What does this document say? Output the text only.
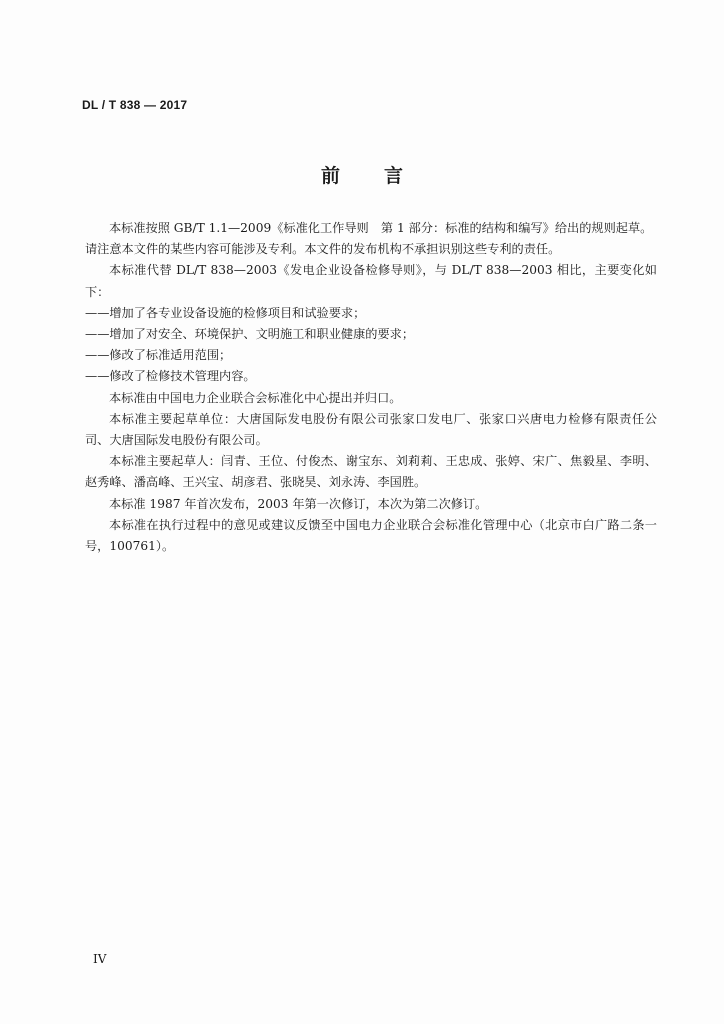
DL / T 838 — 2017
前言

本标准按照 GB/T 1.1—2009《标准化工作导则　第 1 部分：标准的结构和编写》给出的规则起草。

请注意本文件的某些内容可能涉及专利。本文件的发布机构不承担识别这些专利的责任。

本标准代替 DL/T 838—2003《发电企业设备检修导则》，与 DL/T 838—2003 相比，主要变化如下：

——增加了各专业设备设施的检修项目和试验要求；

——增加了对安全、环境保护、文明施工和职业健康的要求；

——修改了标准适用范围；

——修改了检修技术管理内容。

本标准由中国电力企业联合会标准化中心提出并归口。

本标准主要起草单位：大唐国际发电股份有限公司张家口发电厂、张家口兴唐电力检修有限责任公司、大唐国际发电股份有限公司。

本标准主要起草人：闫青、王位、付俊杰、谢宝东、刘莉莉、王忠成、张婷、宋广、焦毅星、李明、赵秀峰、潘高峰、王兴宝、胡彦君、张晓昊、刘永涛、李国胜。

本标准 1987 年首次发布，2003 年第一次修订，本次为第二次修订。

本标准在执行过程中的意见或建议反馈至中国电力企业联合会标准化管理中心（北京市白广路二条一号，100761）。

IV
